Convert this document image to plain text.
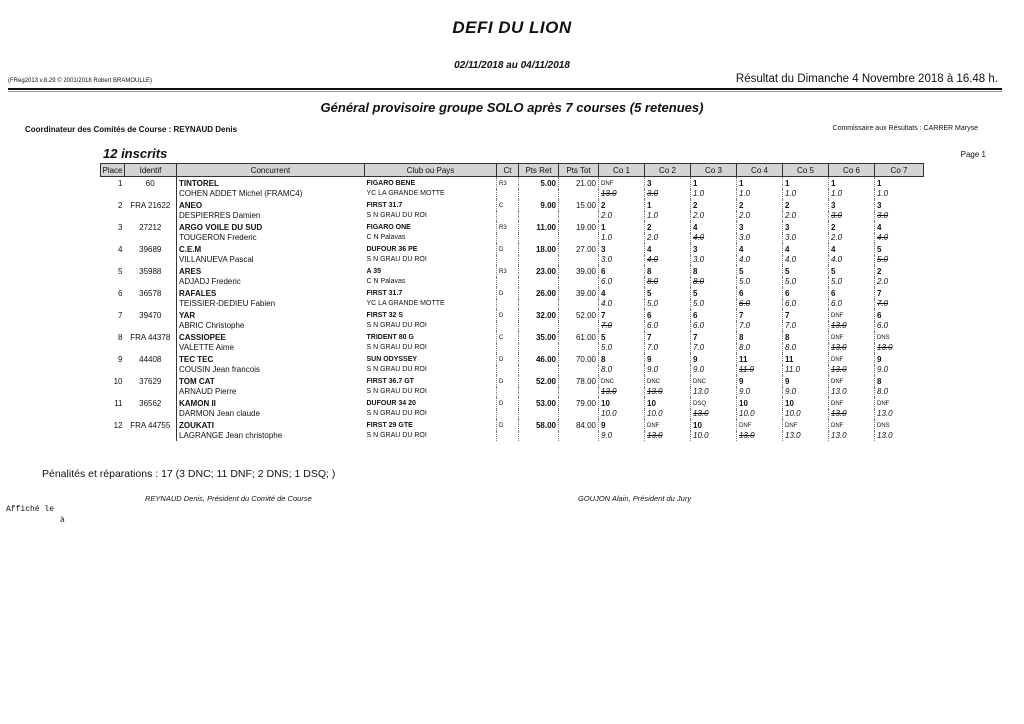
DEFI DU LION
02/11/2018 au 04/11/2018
(FReg2013 v.8.29 © 2001/2018 Robert BRAMOULLE)	Résultat du Dimanche 4 Novembre 2018 à 16.48 h.
Général provisoire groupe SOLO après 7 courses (5 retenues)
Coordinateur des Comités de Course : REYNAUD Denis	Commissaire aux Résultats : CARRER Maryse
12 inscrits	Page 1
Place	Identif	Concurrent	Club ou Pays	Ct	Pts Ret	Pts Tot	Co 1	Co 2	Co 3	Co 4	Co 5	Co 6	Co 7
1	60	TINTOREL	FIGARO BENE	R3	5.00	21.00	DNF	3	1	1	1	1	1
		COHEN ADDET Michel (FRAMC4)	YC LA GRANDE MOTTE				13.0	3.0	1.0	1.0	1.0	1.0	1.0
2	FRA 21622	ANEO	FIRST 31.7	C	9.00	15.00	2	1	2	2	2	3	3
		DESPIERRES Damien	S N GRAU DU ROI				2.0	1.0	2.0	2.0	2.0	3.0	3.0
3	27212	ARGO VOILE DU SUD	FIGARO ONE	R3	11.00	19.00	1	2	4	3	3	2	4
		TOUGERON Frederic	C N Palavas				1.0	2.0	4.0	3.0	3.0	2.0	4.0
4	39689	C.E.M	DUFOUR 36 PE	D	18.00	27.00	3	4	3	4	4	4	5
		VILLANUEVA Pascal	S N GRAU DU ROI				3.0	4.0	3.0	4.0	4.0	4.0	5.0
5	35988	ARES	A 35	R3	23.00	39.00	6	8	8	5	5	5	2
		ADJADJ Frederic	C N Palavas				6.0	8.0	8.0	5.0	5.0	5.0	2.0
6	36578	RAFALES	FIRST 31.7	D	26.00	39.00	4	5	5	6	6	6	7
		TEISSIER-DEDIEU Fabien	YC LA GRANDE MOTTE				4.0	5.0	5.0	6.0	6.0	6.0	7.0
7	39470	YAR	FIRST 32 S	D	32.00	52.00	7	6	6	7	7	DNF	6
		ABRIC Christophe	S N GRAU DU ROI				7.0	6.0	6.0	7.0	7.0	13.0	6.0
8	FRA 44378	CASSIOPEE	TRIDENT 80 G	C	35.00	61.00	5	7	7	8	8	DNF	DNS
		VALETTE Aime	S N GRAU DU ROI				5.0	7.0	7.0	8.0	8.0	13.0	13.0
9	44408	TEC TEC	SUN ODYSSEY	D	46.00	70.00	8	9	9	11	11	DNF	9
		COUSIN Jean francois	S N GRAU DU ROI				8.0	9.0	9.0	11.0	11.0	13.0	9.0
10	37629	TOM CAT	FIRST 36.7 GT	D	52.00	78.00	DNC	DNC	DNC	9	9	DNF	8
		ARNAUD Pierre	S N GRAU DU ROI				13.0	13.0	13.0	9.0	9.0	13.0	8.0
11	36562	KAMON II	DUFOUR 34 20	D	53.00	79.00	10	10	DSQ	10	10	DNF	DNF
		DARMON Jean claude	S N GRAU DU ROI				10.0	10.0	13.0	10.0	10.0	13.0	13.0
12	FRA 44755	ZOUKATI	FIRST 29 GTE	D	58.00	84.00	9	DNF	10	DNF	DNF	DNF	DNS
		LAGRANGE Jean christophe	S N GRAU DU ROI				9.0	13.0	10.0	13.0	13.0	13.0	13.0
Pénalités et réparations : 17 (3 DNC; 11 DNF; 2 DNS; 1 DSQ; )
REYNAUD Denis, Président du Comité de Course	GOUJON Alain, Président du Jury
Affiché le
à
